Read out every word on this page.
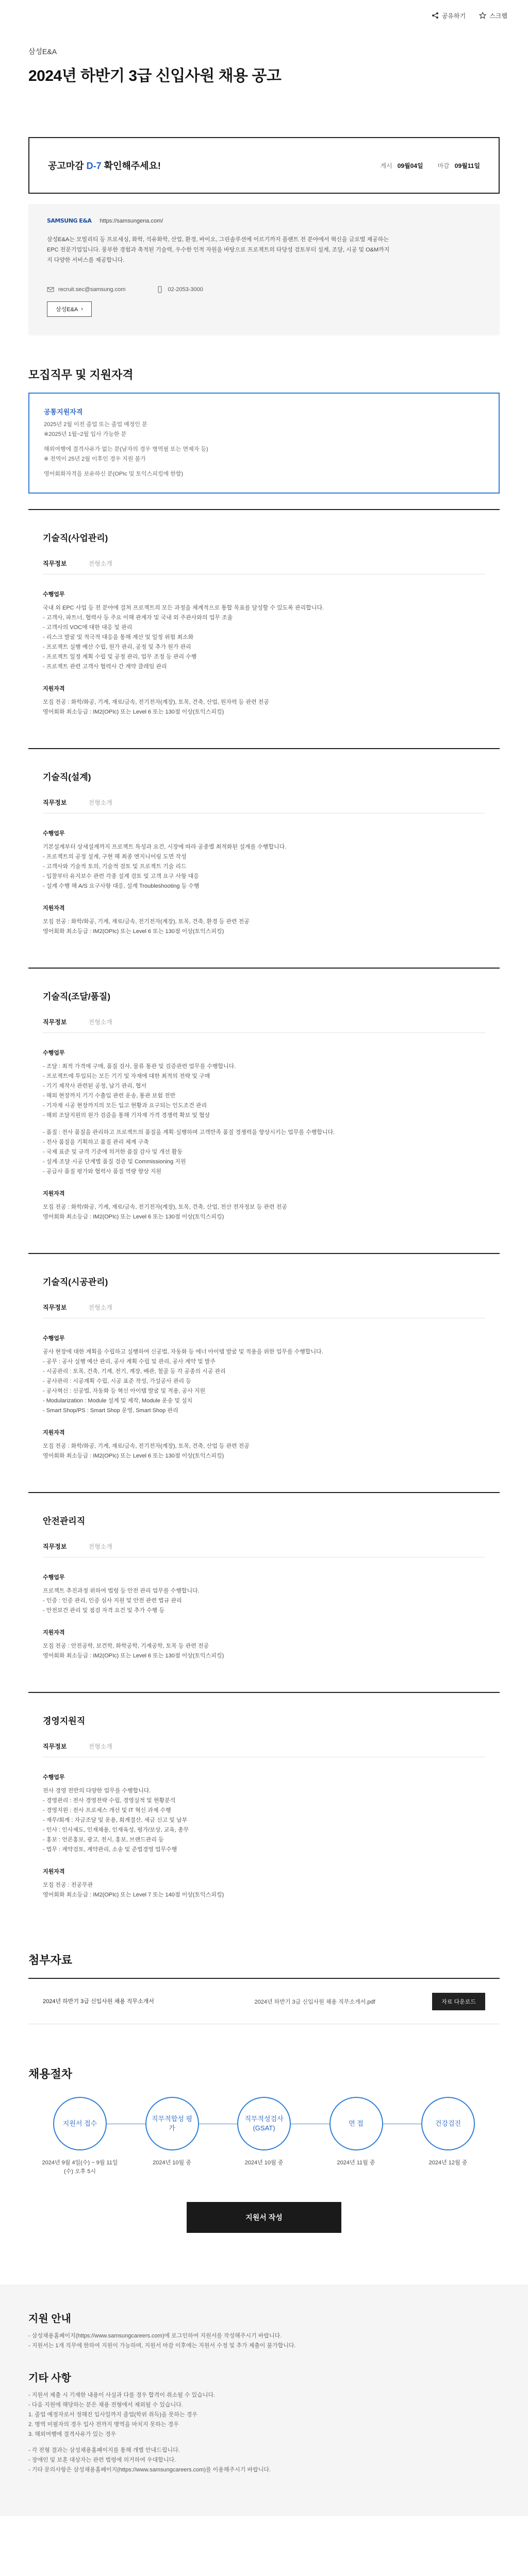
공유하기	스크랩
삼성E&A
2024년 하반기 3급 신입사원 채용 공고
공고마감 D-7 확인해주세요!	게시 09월04일 마감 09월11일
SAMSUNG E&A https://samsungena.com/
삼성E&A는 모빌리티 등 프로세싱, 화학, 석유화학, 산업, 환경, 바이오, 그린솔루션에 이르기까지 플랜트 전 분야에서 혁신을 글로벌 제공하는
EPC 전문기업입니다. 풍부한 경험과 축적된 기술력, 우수한 인적 자원을 바탕으로 프로젝트의 타당성 검토부터 설계, 조달, 시공 및 O&M까지
지 다양한 서비스를 제공합니다.
recruit.sec@samsung.com	02-2053-3000
삼성E&A ›
모집직무 및 지원자격
공통지원자격
2025년 2월 이전 졸업 또는 졸업 예정인 분
※2025년 1월~2월 입사 가능한 분
해외여행에 결격사유가 없는 분(남자의 경우 병역필 또는 면제자 등)
※ 전역이 25년 2월 이후인 경우 지원 불가
영어회화자격을 보유하신 분(OPIc 및 토익스피킹에 한함)
기술직(사업관리)
직무정보	전형소개
수행업무
국내 외 EPC 사업 등 전 분야에 걸쳐 프로젝트의 모든 과정을 체계적으로 통합 목표를 달성할 수 있도록 관리합니다.
- 고객사, 파트너, 협력사 등 주요 이해 관계자 및 국내 외 주관사와의 업무 조율
- 고객사의 VOC에 대한 대응 및 관리
- 리스크 발굴 및 적극적 대응을 통해 계산 및 일정 위험 최소화
- 프로젝트 실행 예산 수립, 원가 관리, 공정 및 추가 원가 관리
- 프로젝트 일정 계획 수립 및 공정 관리, 업무 조정 등 관리 수행
- 프로젝트 관련 고객사 협력사 간 계약 클레임 관리
지원자격
모집 전공 : 화학/화공, 기계, 재료/금속, 전기전자(계장), 토목, 건축, 산업, 원자력 등 관련 전공
영어회화 최소등급 : IM2(OPIc) 또는 Level 6 또는 130점 이상(토익스피킹)
기술직(설계)
직무정보	전형소개
수행업무
기본설계부터 상세설계까지 프로젝트 특성과 요건, 시장에 따라 공종별 최적화된 설계를 수행합니다.
- 프로젝트의 공정 설계, 구현 해 최종 엔지니어링 도면 작성
- 고객사와 기술적 토의, 기술적 검토 및 프로젝트 기술 리드
- 입찰부터 유지보수 관련 각종 설계 검토 및 고객 요구 사항 대응
- 설계 수행 해 A/S 요구사항 대응, 설계 Troubleshooting 등 수행
지원자격
모집 전공 : 화학/화공, 기계, 재료/금속, 전기전자(계장), 토목, 건축, 환경 등 관련 전공
영어회화 최소등급 : IM2(OPIc) 또는 Level 6 또는 130점 이상(토익스피킹)
기술직(조달/품질)
직무정보	전형소개
수행업무
- 조달 : 최적 가격에 구매, 품질 검사, 물류 통관 및 검증관련 업무를 수행합니다.
- 프로젝트에 투입되는 모든 기기 및 자재에 대한 최적의 전략 및 구매
- 기기 제작사 관련된 공정, 납기 관리, 협서
- 해외 현장까지 기기 수출입 관련 운송, 통관 보험 전반
- 기자재 시공 현장까지의 모든 입고 현황과 요구되는 인도조건 관리
- 해외 조달지원의 원가 검증을 통해 기자재 가격 경쟁력 확보 및 협상
- 품질 : 전사 품질을 관리하고 프로젝트의 품질을 계획·실행하며 고객만족 품질 경쟁력을 향상시키는 업무를 수행합니다.
- 전사 품질을 기획하고 품질 관리 체계 구축
- 국제 표준 및 규격 기준에 의거한 품질 감사 및 개선 활동
- 설계·조달·시공 단계별 품질 검증 및 Commissioning 지원
- 공급사 품질 평가와 협력사 품질 역량 향상 지원
지원자격
모집 전공 : 화학/화공, 기계, 재료/금속, 전기전자(계장), 토목, 건축, 산업, 전산 전자정보 등 관련 전공
영어회화 최소등급 : IM2(OPIc) 또는 Level 6 또는 130점 이상(토익스피킹)
기술직(시공관리)
직무정보	전형소개
수행업무
공사 현장에 대한 계획을 수립하고 실행하여 신공법, 자동화 등 에너 아이템 발굴 및 적용을 위한 업무를 수행합니다.
- 공무 : 공사 실행 예산 관리, 공사 계획 수립 및 관리, 공사 계약 및 발주
- 시공관리 : 토목, 건축, 기계, 전기, 계장, 배관, 철골 등 각 공종의 시공 관리
- 공사관리 : 시공계획 수립, 시공 표준 작성, 가설공사 관리 등
- 공사혁신 : 신공법, 자동화 등 혁신 아이템 발굴 및 적용, 공사 지원
- Modularization : Module 설계 및 제작, Module 운송 및 설치
- Smart Shop/PS : Smart Shop 운영, Smart Shop 관리
지원자격
모집 전공 : 화학/화공, 기계, 재료/금속, 전기전자(계장), 토목, 건축, 산업 등 관련 전공
영어회화 최소등급 : IM2(OPIc) 또는 Level 6 또는 130점 이상(토익스피킹)
안전관리직
직무정보	전형소개
수행업무
프로젝트 추진과정 위하여 법령 등 안전 관리 업무를 수행합니다.
- 인증 : 인증 관리, 인증 심사 지원 및 안전 관련 법규 관리
- 안전보건 관리 및 점검 자격 요건 및 추가 수행 등
지원자격
모집 전공 : 안전공학, 보건학, 화학공학, 기계공학, 토목 등 관련 전공
영어회화 최소등급 : IM2(OPIc) 또는 Level 6 또는 130점 이상(토익스피킹)
경영지원직
직무정보	전형소개
수행업무
전사 경영 전반의 다양한 업무를 수행합니다.
- 경영관리 : 전사 경영전략 수립, 경영실적 및 현황분석
- 경영지원 : 전사 프로세스 개선 및 IT 혁신 과제 수행
- 재무/회계 : 자금조달 및 운용, 회계결산, 세금 신고 및 납부
- 인사 : 인사제도, 인재채용, 인재육성, 평가/보상, 교육, 총무
- 홍보 : 언론홍보, 광고, 전시, 홍보, 브랜드관리 등
- 법무 : 계약검토, 계약관리, 소송 및 준법경영 업무수행
지원자격
모집 전공 : 전공무관
영어회화 최소등급 : IM2(OPIc) 또는 Level 7 또는 140점 이상(토익스피킹)
첨부자료
2024년 하반기 3급 신입사원 채용 직무소개서	2024년 하반기 3급 신입사원 채용 직무소개서.pdf	자료 다운로드
채용절차
지원서 접수
2024년 9월 4일(수) ~ 9월 11일(수) 오후 5시
직무적합성 평가
2024년 10월 중
직무적성검사 (GSAT)
2024년 10월 중
면 접
2024년 11월 중
건강검진
2024년 12월 중
지원서 작성
지원 안내
- 삼성채용홈페이지(https://www.samsungcareers.com)에 로그인하여 지원서를 작성해주시기 바랍니다.
- 지원서는 1개 직무에 한하여 지원이 가능하며, 지원서 마감 이후에는 지원서 수정 및 추가 제출이 불가합니다.
기타 사항
- 지원서 제출 시 기재한 내용이 사실과 다를 경우 합격이 취소될 수 있습니다.
- 다음 지원에 해당하는 분은 채용 전형에서 제외될 수 있습니다.
1. 졸업 예정자로서 정해진 입사일까지 졸업(학위 취득)을 못하는 경우
2. 병역 미필자의 경우 입사 전까지 병역을 마치지 못하는 경우
3. 해외여행에 결격사유가 있는 경우
- 각 전형 결과는 삼성채용홈페이지를 통해 개별 안내드립니다.
- 장애인 및 보훈 대상자는 관련 법령에 의거하여 우대합니다.
- 기타 문의사항은 삼성채용홈페이지(https://www.samsungcareers.com)를 이용해주시기 바랍니다.
